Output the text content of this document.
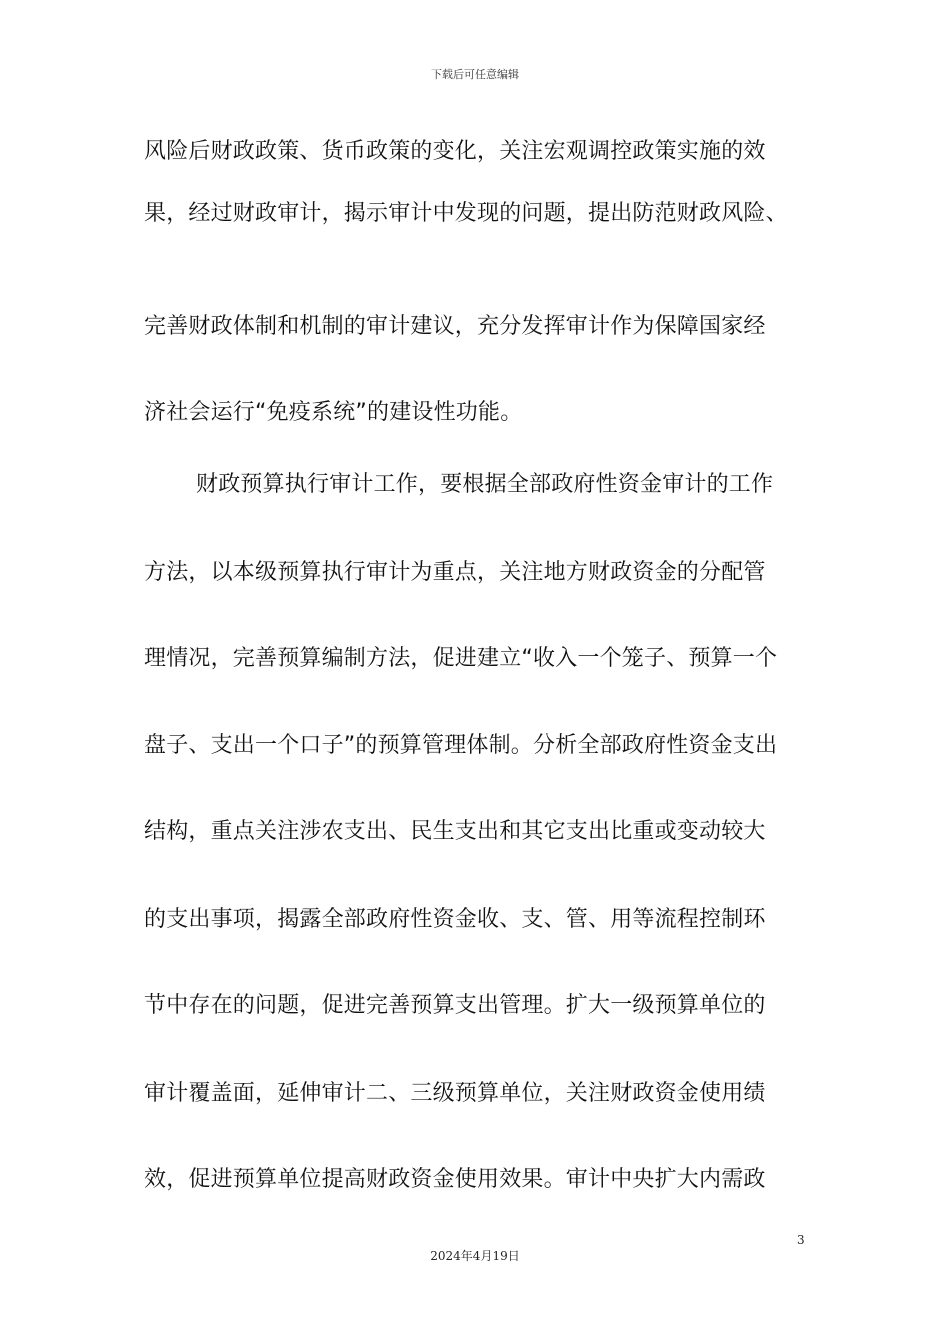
下载后可任意编辑
风险后财政政策、货币政策的变化，关注宏观调控政策实施的效
果，经过财政审计，揭示审计中发现的问题，提出防范财政风险、
完善财政体制和机制的审计建议，充分发挥审计作为保障国家经
济社会运行“免疫系统”的建设性功能。
财政预算执行审计工作，要根据全部政府性资金审计的工作
方法，以本级预算执行审计为重点，关注地方财政资金的分配管
理情况，完善预算编制方法，促进建立“收入一个笼子、预算一个
盘子、支出一个口子”的预算管理体制。分析全部政府性资金支出
结构，重点关注涉农支出、民生支出和其它支出比重或变动较大
的支出事项，揭露全部政府性资金收、支、管、用等流程控制环
节中存在的问题，促进完善预算支出管理。扩大一级预算单位的
审计覆盖面，延伸审计二、三级预算单位，关注财政资金使用绩
效，促进预算单位提高财政资金使用效果。审计中央扩大内需政
3
2024年4月19日
